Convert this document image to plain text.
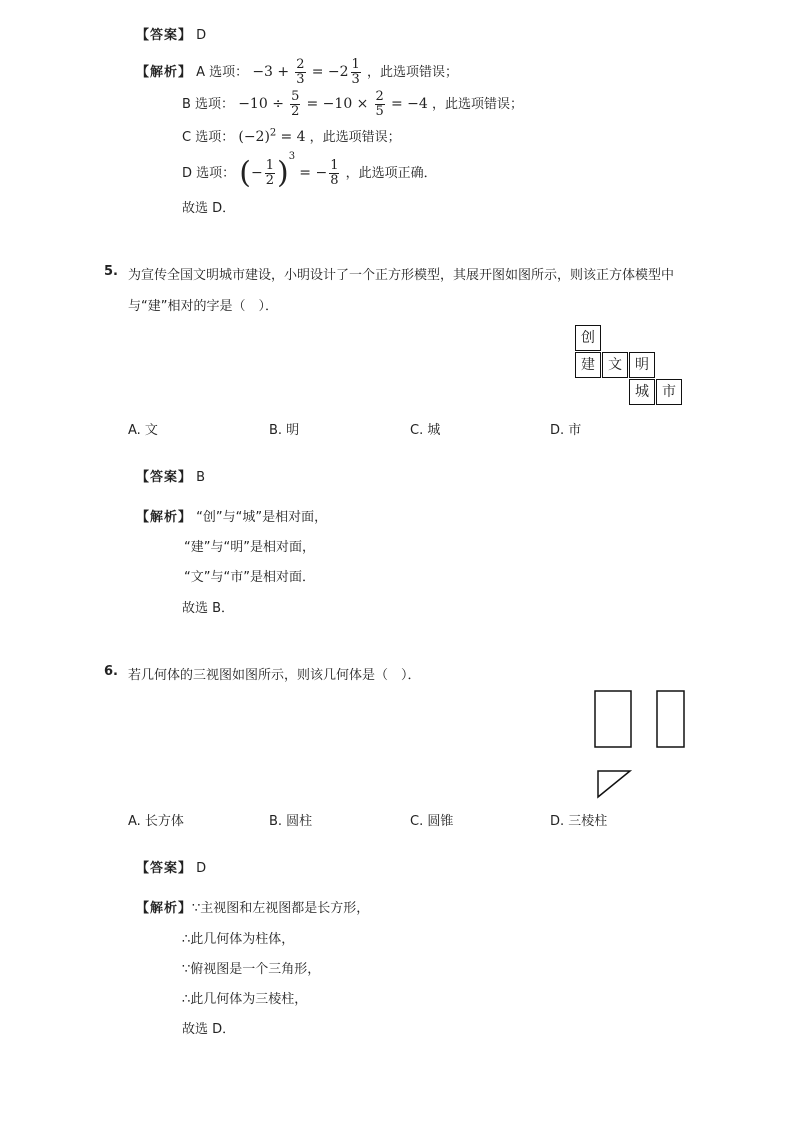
【答案】 D
【解析】 A 选项： $-3 + \frac{2}{3} = -2 \frac{1}{3}$ ，此选项错误；
B 选项： $-10 \div \frac{5}{2} = -10 \times \frac{2}{5} = -4$ ，此选项错误；
C 选项： $(-2)^2 = 4$ ，此选项错误；
D 选项： (− $\frac{1}{2} )^3$ = − $\frac{1}{8}$ ，此选项正确．
故选 D．
5. 为宣传全国文明城市建设，小明设计了一个正方形模型，其展开图如图所示，则该正方体模型中
与“建”相对的字是（　）．
创
建 文 明
城 市
A. 文	B. 明	C. 城	D. 市
【答案】 B
【解析】 “创”与“城”是相对面，
“建”与“明”是相对面，
“文”与“市”是相对面．
故选 B．
6. 若几何体的三视图如图所示，则该几何体是（　）．
A. 长方体	B. 圆柱	C. 圆锥	D. 三棱柱
【答案】 D
【解析】∵主视图和左视图都是长方形，
∴此几何体为柱体，
∵俯视图是一个三角形，
∴此几何体为三棱柱，
故选 D．
